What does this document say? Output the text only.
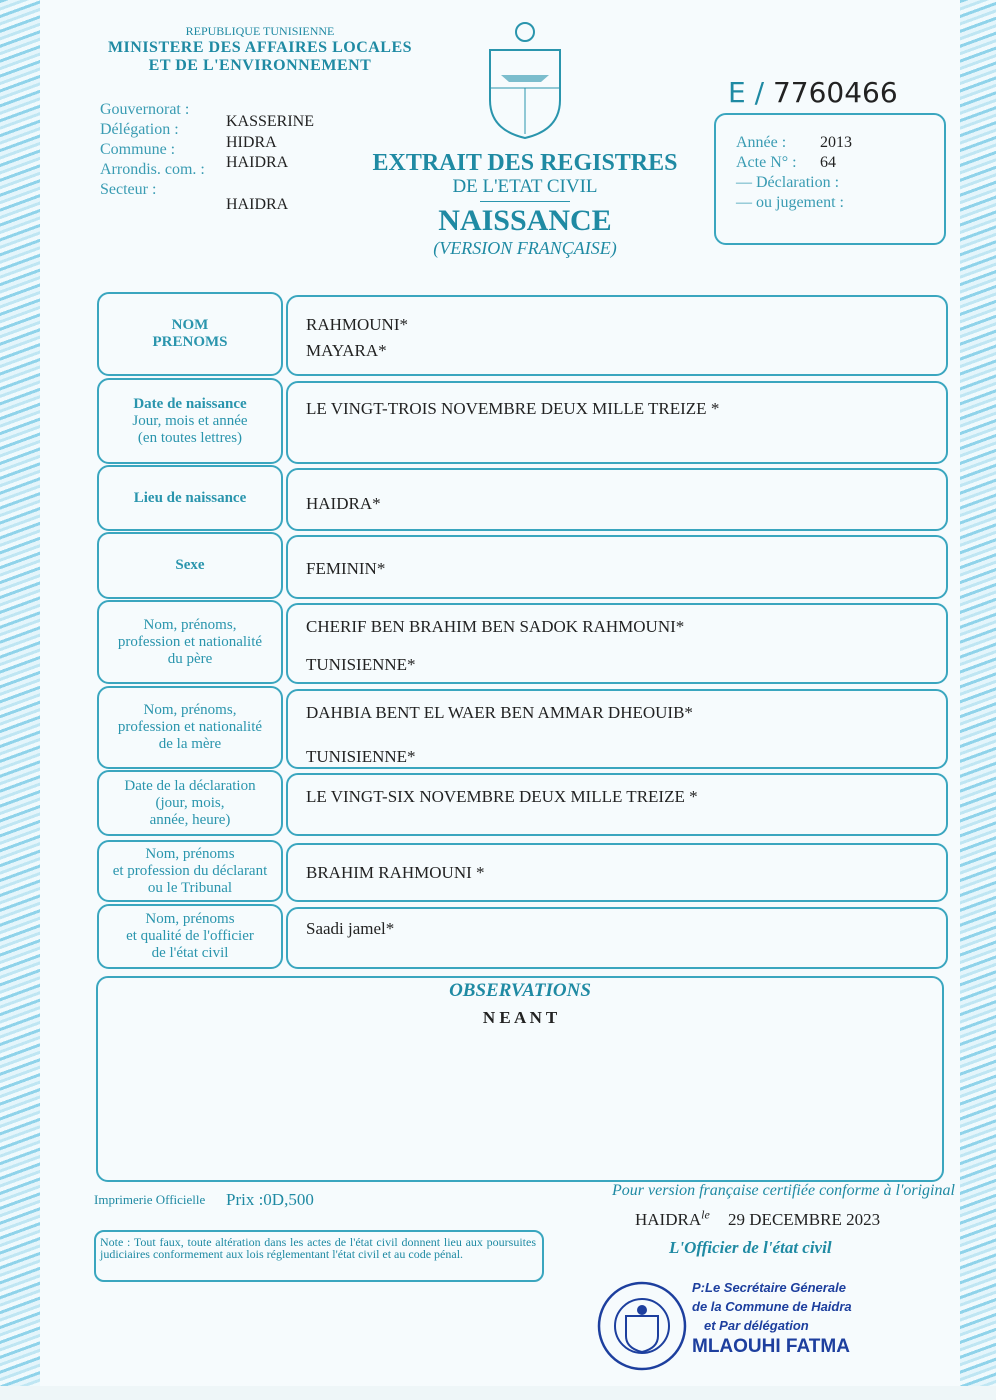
REPUBLIQUE TUNISIENNE
MINISTERE DES AFFAIRES LOCALES
ET DE L'ENVIRONNEMENT
Gouvernorat :
Délégation :
Commune :
Arrondis. com. :
Secteur :
KASSERINE
HIDRA
HAIDRA
HAIDRA
EXTRAIT DES REGISTRES
DE L'ETAT CIVIL
NAISSANCE
(VERSION FRANÇAISE)
E / 7760466
Année :
Acte N° :
— Déclaration :
— ou jugement :
2013
64
NOM
PRENOMS
RAHMOUNI*
MAYARA*
Date de naissance
Jour, mois et année
(en toutes lettres)
LE VINGT-TROIS NOVEMBRE DEUX MILLE TREIZE *
Lieu de naissance	HAIDRA*
Sexe	FEMININ*
Nom, prénoms,
profession et nationalité
du père
CHERIF BEN BRAHIM BEN SADOK RAHMOUNI*
TUNISIENNE*
Nom, prénoms,
profession et nationalité
de la mère
DAHBIA BENT EL WAER BEN AMMAR DHEOUIB*
TUNISIENNE*
Date de la déclaration
(jour, mois,
année, heure)
LE VINGT-SIX NOVEMBRE DEUX MILLE TREIZE *
Nom, prénoms
et profession du déclarant
ou le Tribunal
BRAHIM RAHMOUNI *
Nom, prénoms
et qualité de l'officier
de l'état civil
Saadi jamel*
OBSERVATIONS
N E A N T
Imprimerie Officielle Prix :0D,500
Note : Tout faux, toute altération dans les actes de l'état civil donnent lieu aux poursuites judiciaires conformement aux lois réglementant l'état civil et au code pénal.
Pour version française certifiée conforme à l'original
$HAIDRA^{le}$ 29 DECEMBRE 2023
L'Officier de l'état civil
P:Le Secrétaire Génerale
de la Commune de Haidra
et Par délégation
MLAOUHI FATMA
